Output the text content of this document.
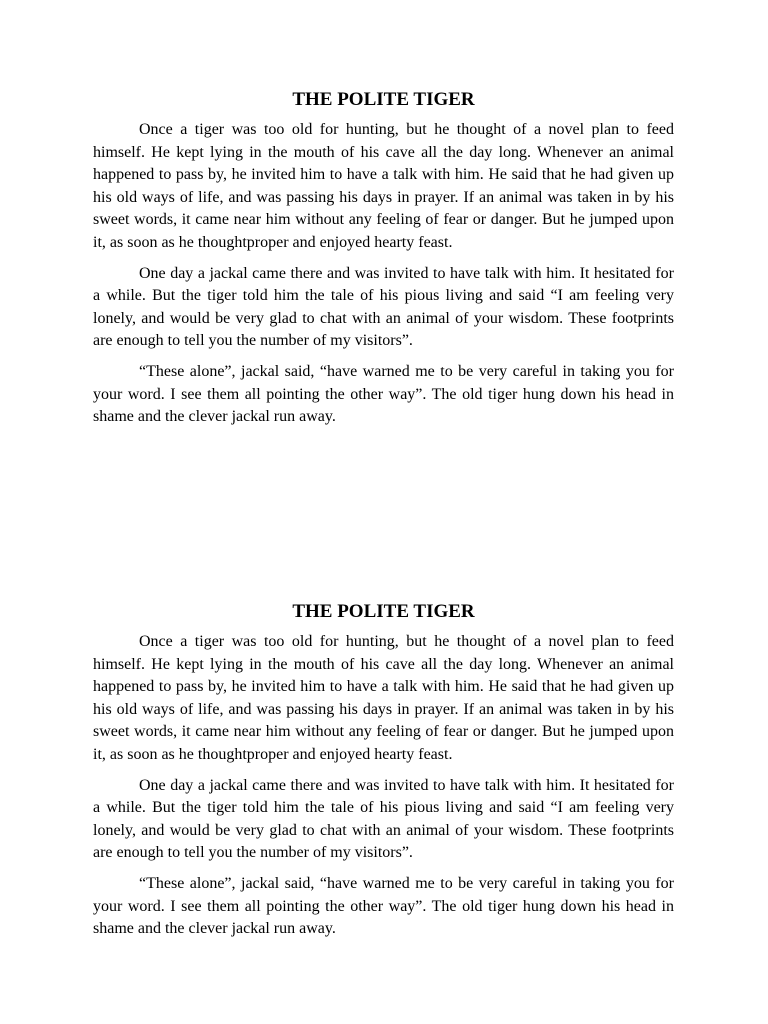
THE POLITE TIGER

Once a tiger was too old for hunting, but he thought of a novel plan to feed himself. He kept lying in the mouth of his cave all the day long. Whenever an animal happened to pass by, he invited him to have a talk with him. He said that he had given up his old ways of life, and was passing his days in prayer. If an animal was taken in by his sweet words, it came near him without any feeling of fear or danger. But he jumped upon it, as soon as he thoughtproper and enjoyed hearty feast.

One day a jackal came there and was invited to have talk with him. It hesitated for a while. But the tiger told him the tale of his pious living and said “I am feeling very lonely, and would be very glad to chat with an animal of your wisdom. These footprints are enough to tell you the number of my visitors”.

“These alone”, jackal said, “have warned me to be very careful in taking you for your word. I see them all pointing the other way”. The old tiger hung down his head in shame and the clever jackal run away.

THE POLITE TIGER

Once a tiger was too old for hunting, but he thought of a novel plan to feed himself. He kept lying in the mouth of his cave all the day long. Whenever an animal happened to pass by, he invited him to have a talk with him. He said that he had given up his old ways of life, and was passing his days in prayer. If an animal was taken in by his sweet words, it came near him without any feeling of fear or danger. But he jumped upon it, as soon as he thoughtproper and enjoyed hearty feast.

One day a jackal came there and was invited to have talk with him. It hesitated for a while. But the tiger told him the tale of his pious living and said “I am feeling very lonely, and would be very glad to chat with an animal of your wisdom. These footprints are enough to tell you the number of my visitors”.

“These alone”, jackal said, “have warned me to be very careful in taking you for your word. I see them all pointing the other way”. The old tiger hung down his head in shame and the clever jackal run away.
